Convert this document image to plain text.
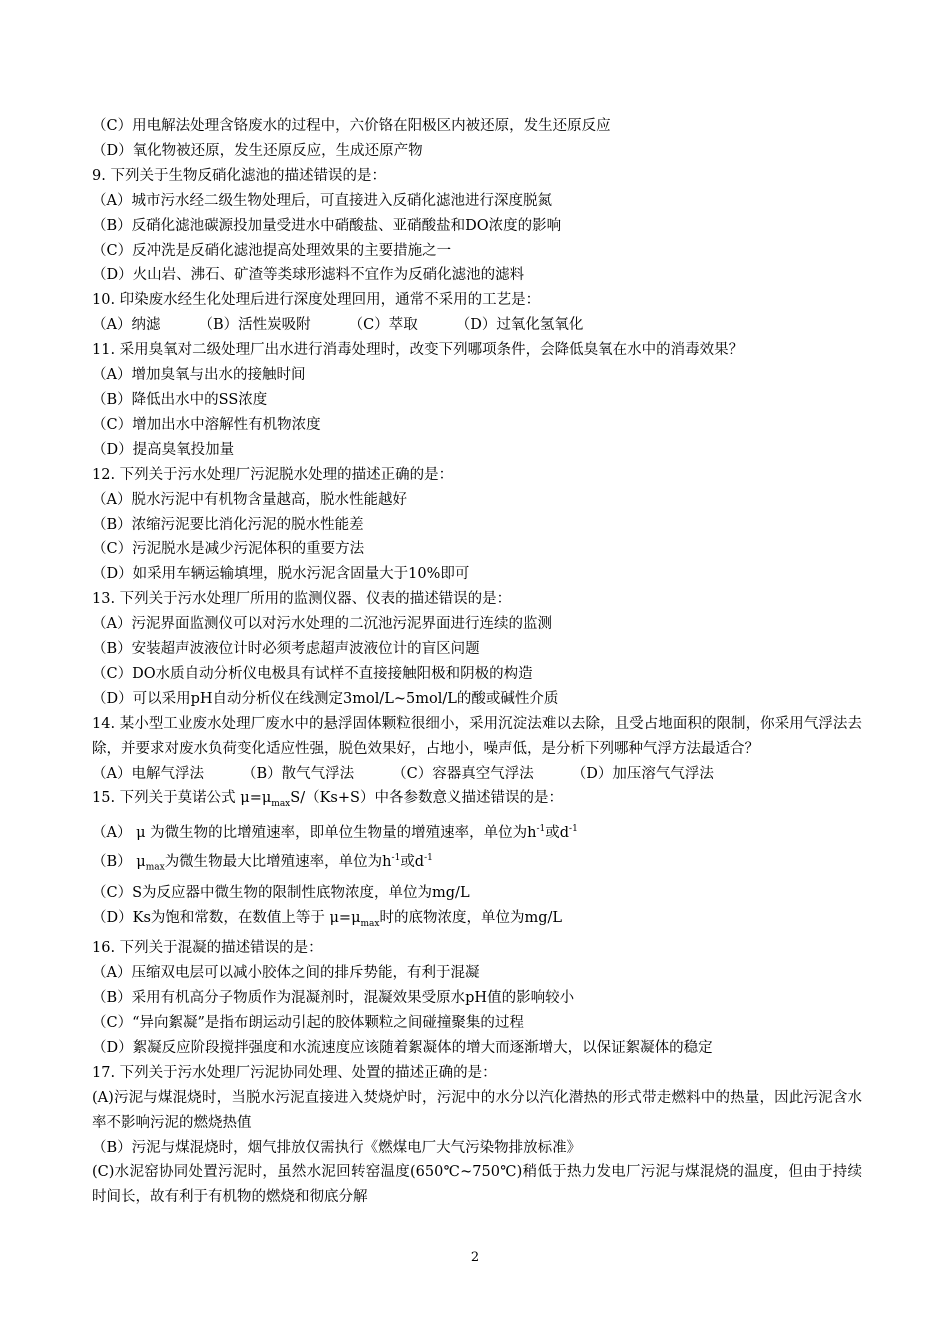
（C）用电解法处理含铬废水的过程中，六价铬在阳极区内被还原，发生还原反应
（D）氧化物被还原，发生还原反应，生成还原产物
9. 下列关于生物反硝化滤池的描述错误的是：
（A）城市污水经二级生物处理后，可直接进入反硝化滤池进行深度脱氮
（B）反硝化滤池碳源投加量受进水中硝酸盐、亚硝酸盐和DO浓度的影响
（C）反冲洗是反硝化滤池提高处理效果的主要措施之一
（D）火山岩、沸石、矿渣等类球形滤料不宜作为反硝化滤池的滤料
10. 印染废水经生化处理后进行深度处理回用，通常不采用的工艺是：
（A）纳滤	（B）活性炭吸附	（C）萃取	（D）过氧化氢氧化
11. 采用臭氧对二级处理厂出水进行消毒处理时，改变下列哪项条件，会降低臭氧在水中的消毒效果？
（A）增加臭氧与出水的接触时间
（B）降低出水中的SS浓度
（C）增加出水中溶解性有机物浓度
（D）提高臭氧投加量
12. 下列关于污水处理厂污泥脱水处理的描述正确的是：
（A）脱水污泥中有机物含量越高，脱水性能越好
（B）浓缩污泥要比消化污泥的脱水性能差
（C）污泥脱水是减少污泥体积的重要方法
（D）如采用车辆运输填埋，脱水污泥含固量大于10%即可
13. 下列关于污水处理厂所用的监测仪器、仪表的描述错误的是：
（A）污泥界面监测仪可以对污水处理的二沉池污泥界面进行连续的监测
（B）安装超声波液位计时必须考虑超声波液位计的盲区问题
（C）DO水质自动分析仪电极具有试样不直接接触阳极和阴极的构造
（D）可以采用pH自动分析仪在线测定3mol/L~5mol/L的酸或碱性介质
14. 某小型工业废水处理厂废水中的悬浮固体颗粒很细小，采用沉淀法难以去除，且受占地面积的限制，你采用气浮法去除，并要求对废水负荷变化适应性强，脱色效果好，占地小，噪声低，是分析下列哪种气浮方法最适合？
（A）电解气浮法	（B）散气气浮法	（C）容器真空气浮法	（D）加压溶气气浮法
15. 下列关于莫诺公式 $\mu=\mu_{max}S/(Ks+S)$中各参数意义描述错误的是：
（A） μ 为微生物的比增殖速率，即单位生物量的增殖速率，单位为$h^{-1}$或$d^{-1}$
（B） $\mu_{max}$为微生物最大比增殖速率，单位为$h^{-1}$或$d^{-1}$
（C）S为反应器中微生物的限制性底物浓度，单位为mg/L
（D）Ks为饱和常数，在数值上等于 $\mu=\mu_{max}$时的底物浓度，单位为mg/L
16. 下列关于混凝的描述错误的是：
（A）压缩双电层可以减小胶体之间的排斥势能，有利于混凝
（B）采用有机高分子物质作为混凝剂时，混凝效果受原水pH值的影响较小
（C）“异向絮凝”是指布朗运动引起的胶体颗粒之间碰撞聚集的过程
（D）絮凝反应阶段搅拌强度和水流速度应该随着絮凝体的增大而逐渐增大，以保证絮凝体的稳定
17. 下列关于污水处理厂污泥协同处理、处置的描述正确的是：
(A)污泥与煤混烧时，当脱水污泥直接进入焚烧炉时，污泥中的水分以汽化潜热的形式带走燃料中的热量，因此污泥含水率不影响污泥的燃烧热值
（B）污泥与煤混烧时，烟气排放仅需执行《燃煤电厂大气污染物排放标准》
(C)水泥窑协同处置污泥时，虽然水泥回转窑温度(650℃~750℃)稍低于热力发电厂污泥与煤混烧的温度，但由于持续时间长，故有利于有机物的燃烧和彻底分解
2
